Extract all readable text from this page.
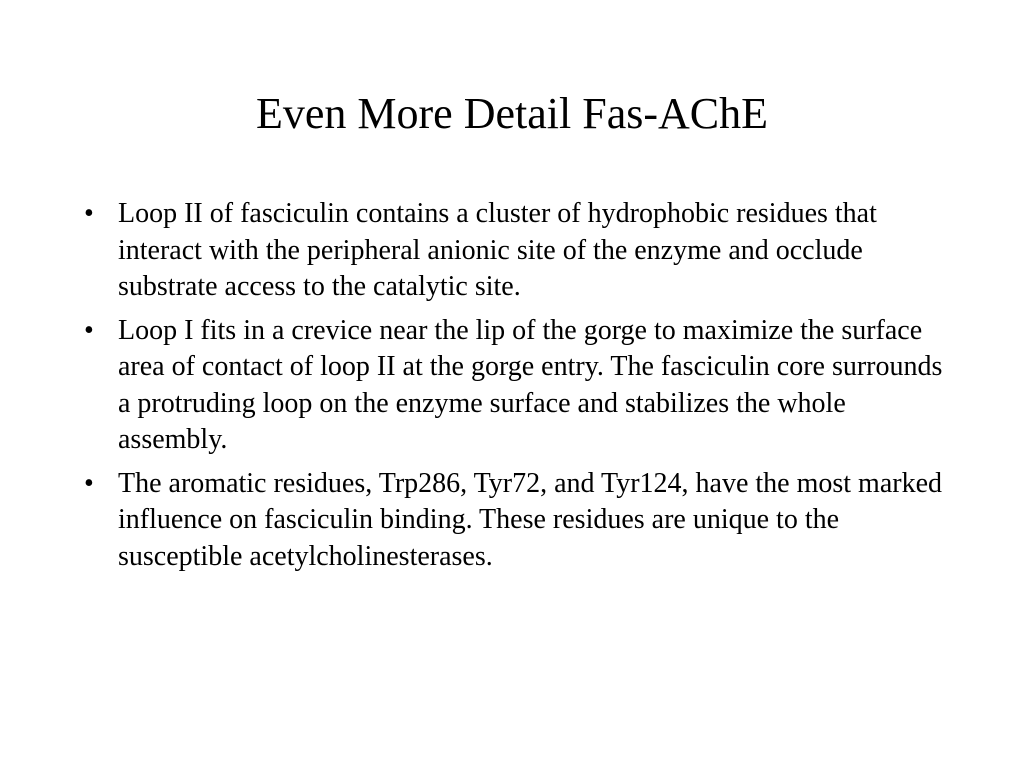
Even More Detail Fas-AChE
• Loop II of fasciculin contains a cluster of hydrophobic residues that interact with the peripheral anionic site of the enzyme and occlude substrate access to the catalytic site.
• Loop I fits in a crevice near the lip of the gorge to maximize the surface area of contact of loop II at the gorge entry. The fasciculin core surrounds a protruding loop on the enzyme surface and stabilizes the whole assembly.
• The aromatic residues, Trp286, Tyr72, and Tyr124, have the most marked influence on fasciculin binding. These residues are unique to the susceptible acetylcholinesterases.
